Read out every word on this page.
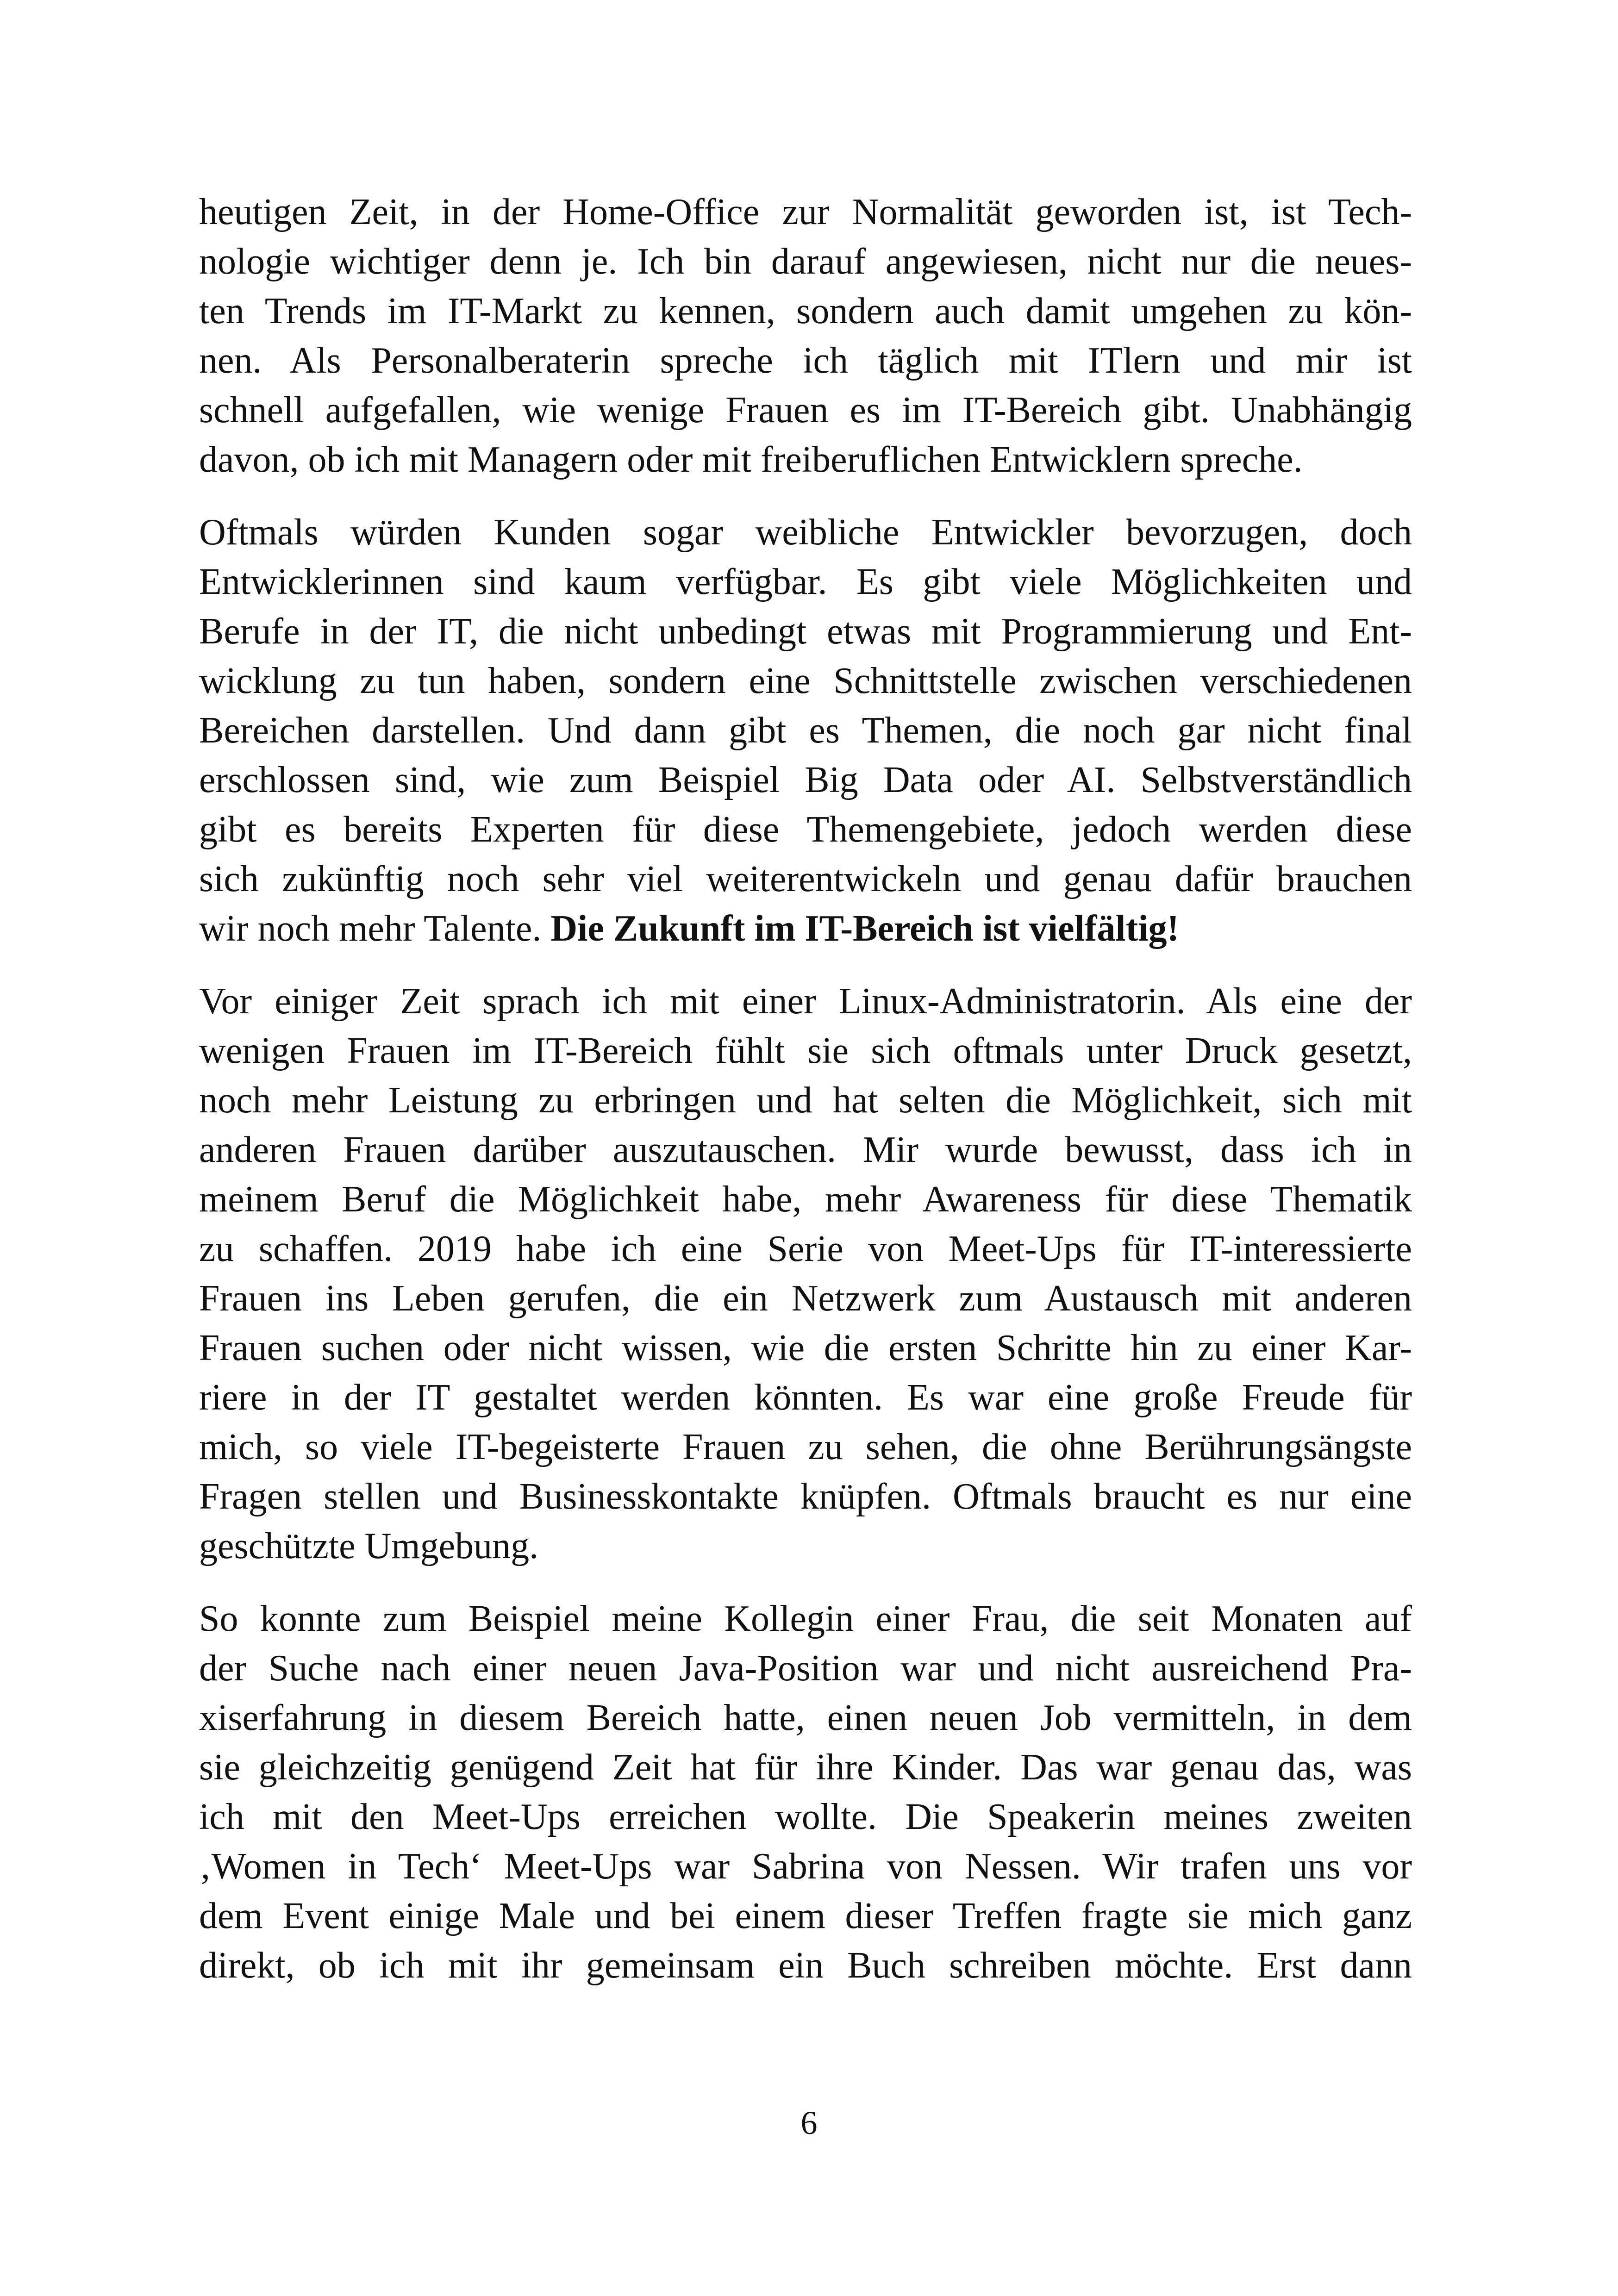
heutigen Zeit, in der Home-Office zur Normalität geworden ist, ist Tech-
nologie wichtiger denn je. Ich bin darauf angewiesen, nicht nur die neues-
ten Trends im IT-Markt zu kennen, sondern auch damit umgehen zu kön-
nen. Als Personalberaterin spreche ich täglich mit ITlern und mir ist
schnell aufgefallen, wie wenige Frauen es im IT-Bereich gibt. Unabhängig
davon, ob ich mit Managern oder mit freiberuflichen Entwicklern spreche.
Oftmals würden Kunden sogar weibliche Entwickler bevorzugen, doch
Entwicklerinnen sind kaum verfügbar. Es gibt viele Möglichkeiten und
Berufe in der IT, die nicht unbedingt etwas mit Programmierung und Ent-
wicklung zu tun haben, sondern eine Schnittstelle zwischen verschiedenen
Bereichen darstellen. Und dann gibt es Themen, die noch gar nicht final
erschlossen sind, wie zum Beispiel Big Data oder AI. Selbstverständlich
gibt es bereits Experten für diese Themengebiete, jedoch werden diese
sich zukünftig noch sehr viel weiterentwickeln und genau dafür brauchen
wir noch mehr Talente. Die Zukunft im IT-Bereich ist vielfältig!
Vor einiger Zeit sprach ich mit einer Linux-Administratorin. Als eine der
wenigen Frauen im IT-Bereich fühlt sie sich oftmals unter Druck gesetzt,
noch mehr Leistung zu erbringen und hat selten die Möglichkeit, sich mit
anderen Frauen darüber auszutauschen. Mir wurde bewusst, dass ich in
meinem Beruf die Möglichkeit habe, mehr Awareness für diese Thematik
zu schaffen. 2019 habe ich eine Serie von Meet-Ups für IT-interessierte
Frauen ins Leben gerufen, die ein Netzwerk zum Austausch mit anderen
Frauen suchen oder nicht wissen, wie die ersten Schritte hin zu einer Kar-
riere in der IT gestaltet werden könnten. Es war eine große Freude für
mich, so viele IT-begeisterte Frauen zu sehen, die ohne Berührungsängste
Fragen stellen und Businesskontakte knüpfen. Oftmals braucht es nur eine
geschützte Umgebung.
So konnte zum Beispiel meine Kollegin einer Frau, die seit Monaten auf
der Suche nach einer neuen Java-Position war und nicht ausreichend Pra-
xiserfahrung in diesem Bereich hatte, einen neuen Job vermitteln, in dem
sie gleichzeitig genügend Zeit hat für ihre Kinder. Das war genau das, was
ich mit den Meet-Ups erreichen wollte. Die Speakerin meines zweiten
‚Women in Tech‘ Meet-Ups war Sabrina von Nessen. Wir trafen uns vor
dem Event einige Male und bei einem dieser Treffen fragte sie mich ganz
direkt, ob ich mit ihr gemeinsam ein Buch schreiben möchte. Erst dann
6
